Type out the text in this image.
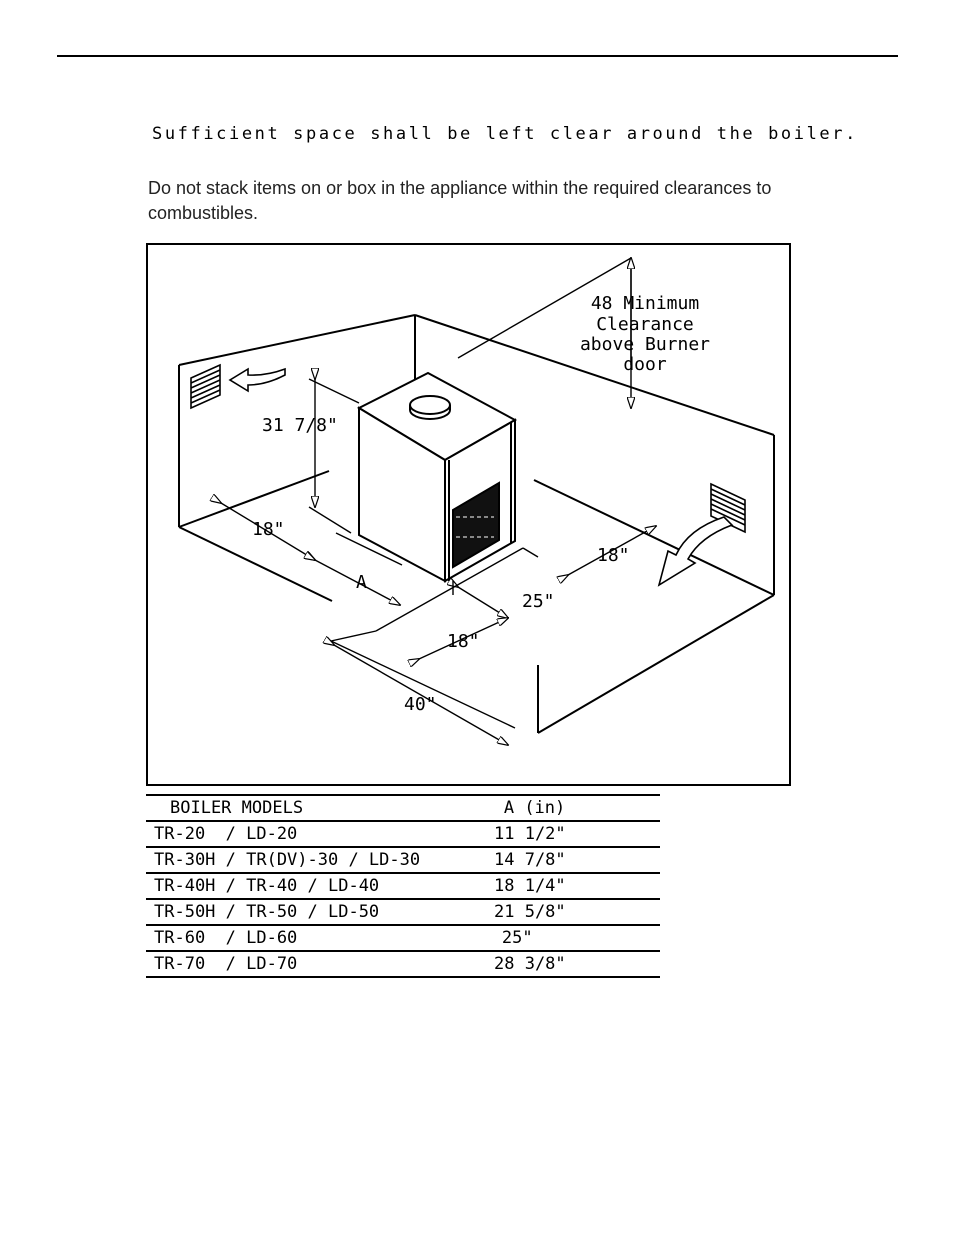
Sufficient space shall be left clear around the boiler.
Do not stack items on or box in the appliance within the required clearances to combustibles.
48 Minimum
Clearance
above Burner
door
31 7/8"
18"
A
25"
18"
18"
40"
BOILER MODELS	A (in)
TR-20  / LD-20	11 1/2"
TR-30H / TR(DV)-30 / LD-30	14 7/8"
TR-40H / TR-40 / LD-40	18 1/4"
TR-50H / TR-50 / LD-50	21 5/8"
TR-60  / LD-60	25"
TR-70  / LD-70	28 3/8"
